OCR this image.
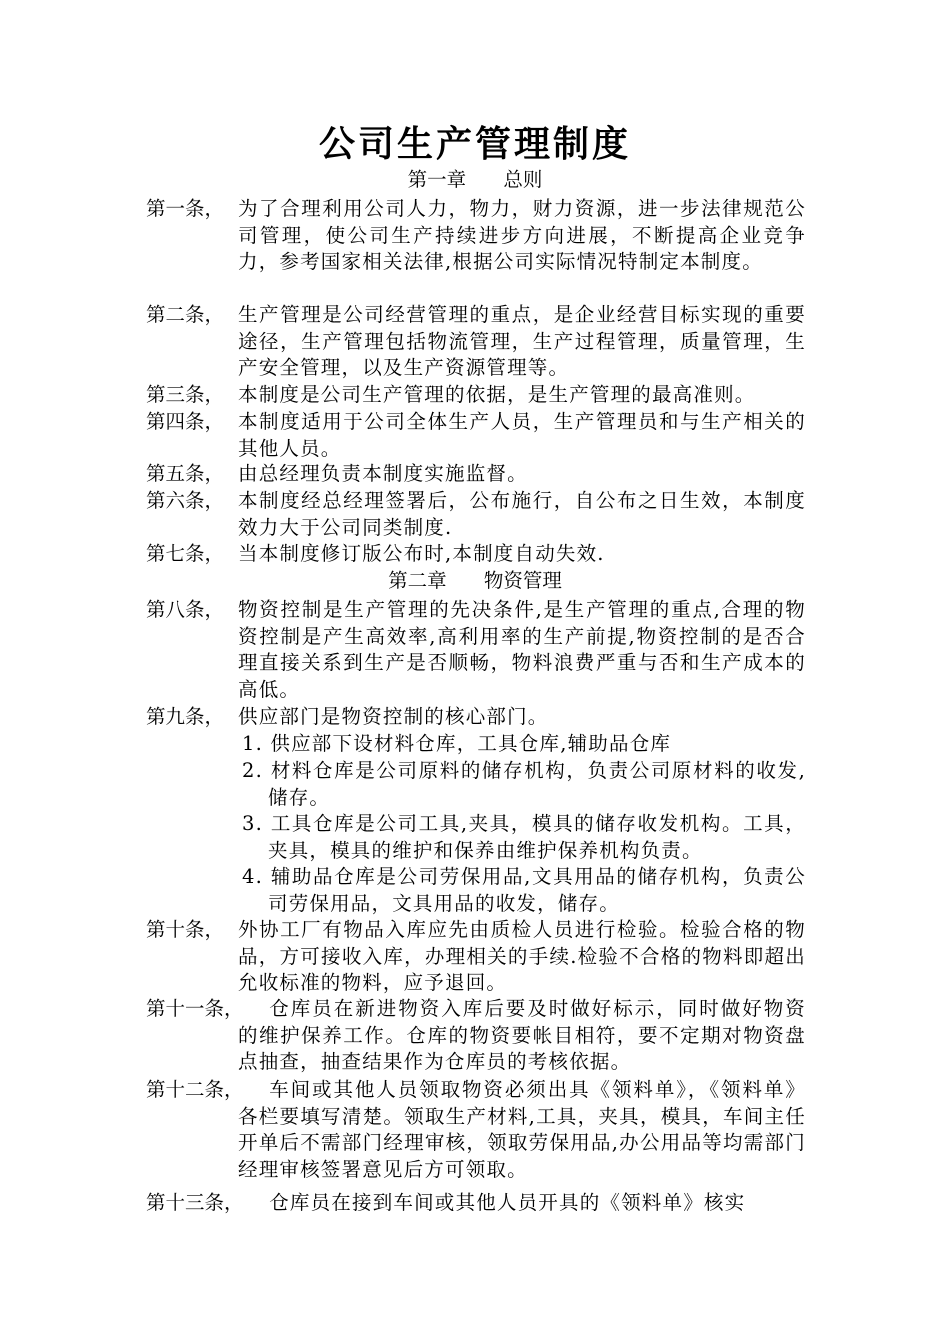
公司生产管理制度
第一章      总则
第一条， 为了合理利用公司人力，物力，财力资源，进一步法律规范公司管理，使公司生产持续进步方向进展，不断提高企业竞争力，参考国家相关法律,根据公司实际情况特制定本制度。
第二条， 生产管理是公司经营管理的重点，是企业经营目标实现的重要途径，生产管理包括物流管理，生产过程管理，质量管理，生产安全管理，以及生产资源管理等。
第三条， 本制度是公司生产管理的依据，是生产管理的最高准则。
第四条， 本制度适用于公司全体生产人员，生产管理员和与生产相关的其他人员。
第五条， 由总经理负责本制度实施监督。
第六条， 本制度经总经理签署后，公布施行，自公布之日生效，本制度效力大于公司同类制度.
第七条， 当本制度修订版公布时,本制度自动失效.
第二章      物资管理
第八条， 物资控制是生产管理的先决条件,是生产管理的重点,合理的物资控制是产生高效率,高利用率的生产前提,物资控制的是否合理直接关系到生产是否顺畅，物料浪费严重与否和生产成本的高低。
第九条， 供应部门是物资控制的核心部门。
1. 供应部下设材料仓库，工具仓库,辅助品仓库
2. 材料仓库是公司原料的储存机构，负责公司原材料的收发,储存。
3. 工具仓库是公司工具,夹具，模具的储存收发机构。工具，夹具，模具的维护和保养由维护保养机构负责。
4. 辅助品仓库是公司劳保用品,文具用品的储存机构，负责公司劳保用品，文具用品的收发，储存。
第十条， 外协工厂有物品入库应先由质检人员进行检验。检验合格的物品，方可接收入库，办理相关的手续.检验不合格的物料即超出允收标准的物料，应予退回。
第十一条，	仓库员在新进物资入库后要及时做好标示，同时做好物资的维护保养工作。仓库的物资要帐目相符，要不定期对物资盘点抽查，抽查结果作为仓库员的考核依据。
第十二条，	车间或其他人员领取物资必须出具《领料单》，《领料单》各栏要填写清楚。领取生产材料,工具，夹具，模具，车间主任开单后不需部门经理审核，领取劳保用品,办公用品等均需部门经理审核签署意见后方可领取。
第十三条，	仓库员在接到车间或其他人员开具的《领料单》核实
